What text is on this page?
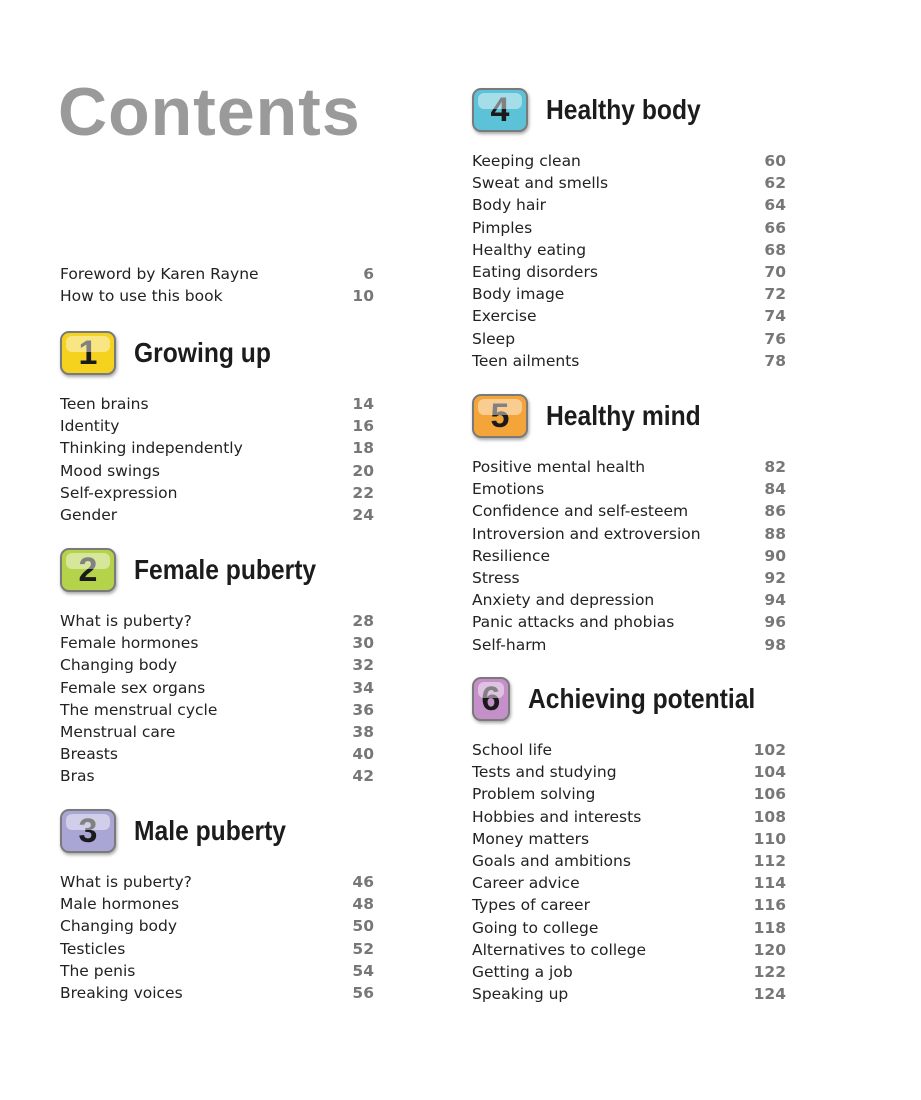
Contents
Foreword by Karen Rayne	6
How to use this book	10
1	Growing up
Teen brains	14
Identity	16
Thinking independently	18
Mood swings	20
Self-expression	22
Gender	24
2	Female puberty
What is puberty?	28
Female hormones	30
Changing body	32
Female sex organs	34
The menstrual cycle	36
Menstrual care	38
Breasts	40
Bras	42
3	Male puberty
What is puberty?	46
Male hormones	48
Changing body	50
Testicles	52
The penis	54
Breaking voices	56
4	Healthy body
Keeping clean	60
Sweat and smells	62
Body hair	64
Pimples	66
Healthy eating	68
Eating disorders	70
Body image	72
Exercise	74
Sleep	76
Teen ailments	78
5	Healthy mind
Positive mental health	82
Emotions	84
Confidence and self-esteem	86
Introversion and extroversion	88
Resilience	90
Stress	92
Anxiety and depression	94
Panic attacks and phobias	96
Self-harm	98
6 Achieving potential
School life	102
Tests and studying	104
Problem solving	106
Hobbies and interests	108
Money matters	110
Goals and ambitions	112
Career advice	114
Types of career	116
Going to college	118
Alternatives to college	120
Getting a job	122
Speaking up	124
